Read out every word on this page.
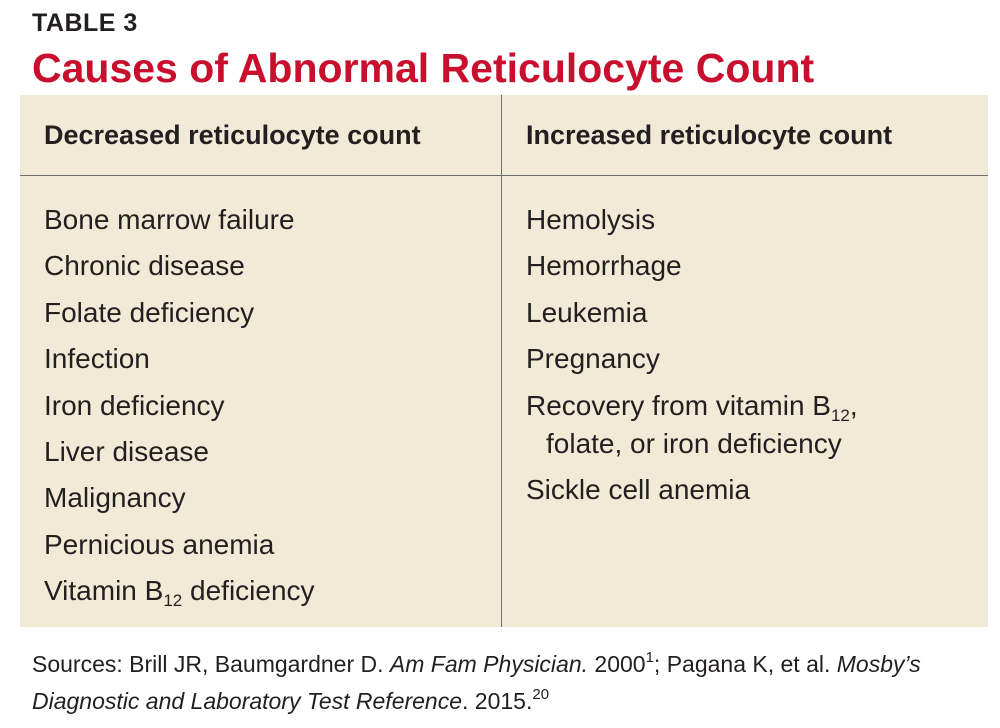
TABLE 3
Causes of Abnormal Reticulocyte Count
Decreased reticulocyte count	Increased reticulocyte count
Bone marrow failure
Chronic disease
Folate deficiency
Infection
Iron deficiency
Liver disease
Malignancy
Pernicious anemia
Vitamin $B_{12}$ deficiency
Hemolysis
Hemorrhage
Leukemia
Pregnancy
Recovery from vitamin $B_{12}$,
folate, or iron deficiency
Sickle cell anemia
Sources: Brill JR, Baumgardner D. Am Fam Physician. 2000$^1$; Pagana K, et al. Mosby’s Diagnostic and Laboratory Test Reference. 2015.20
